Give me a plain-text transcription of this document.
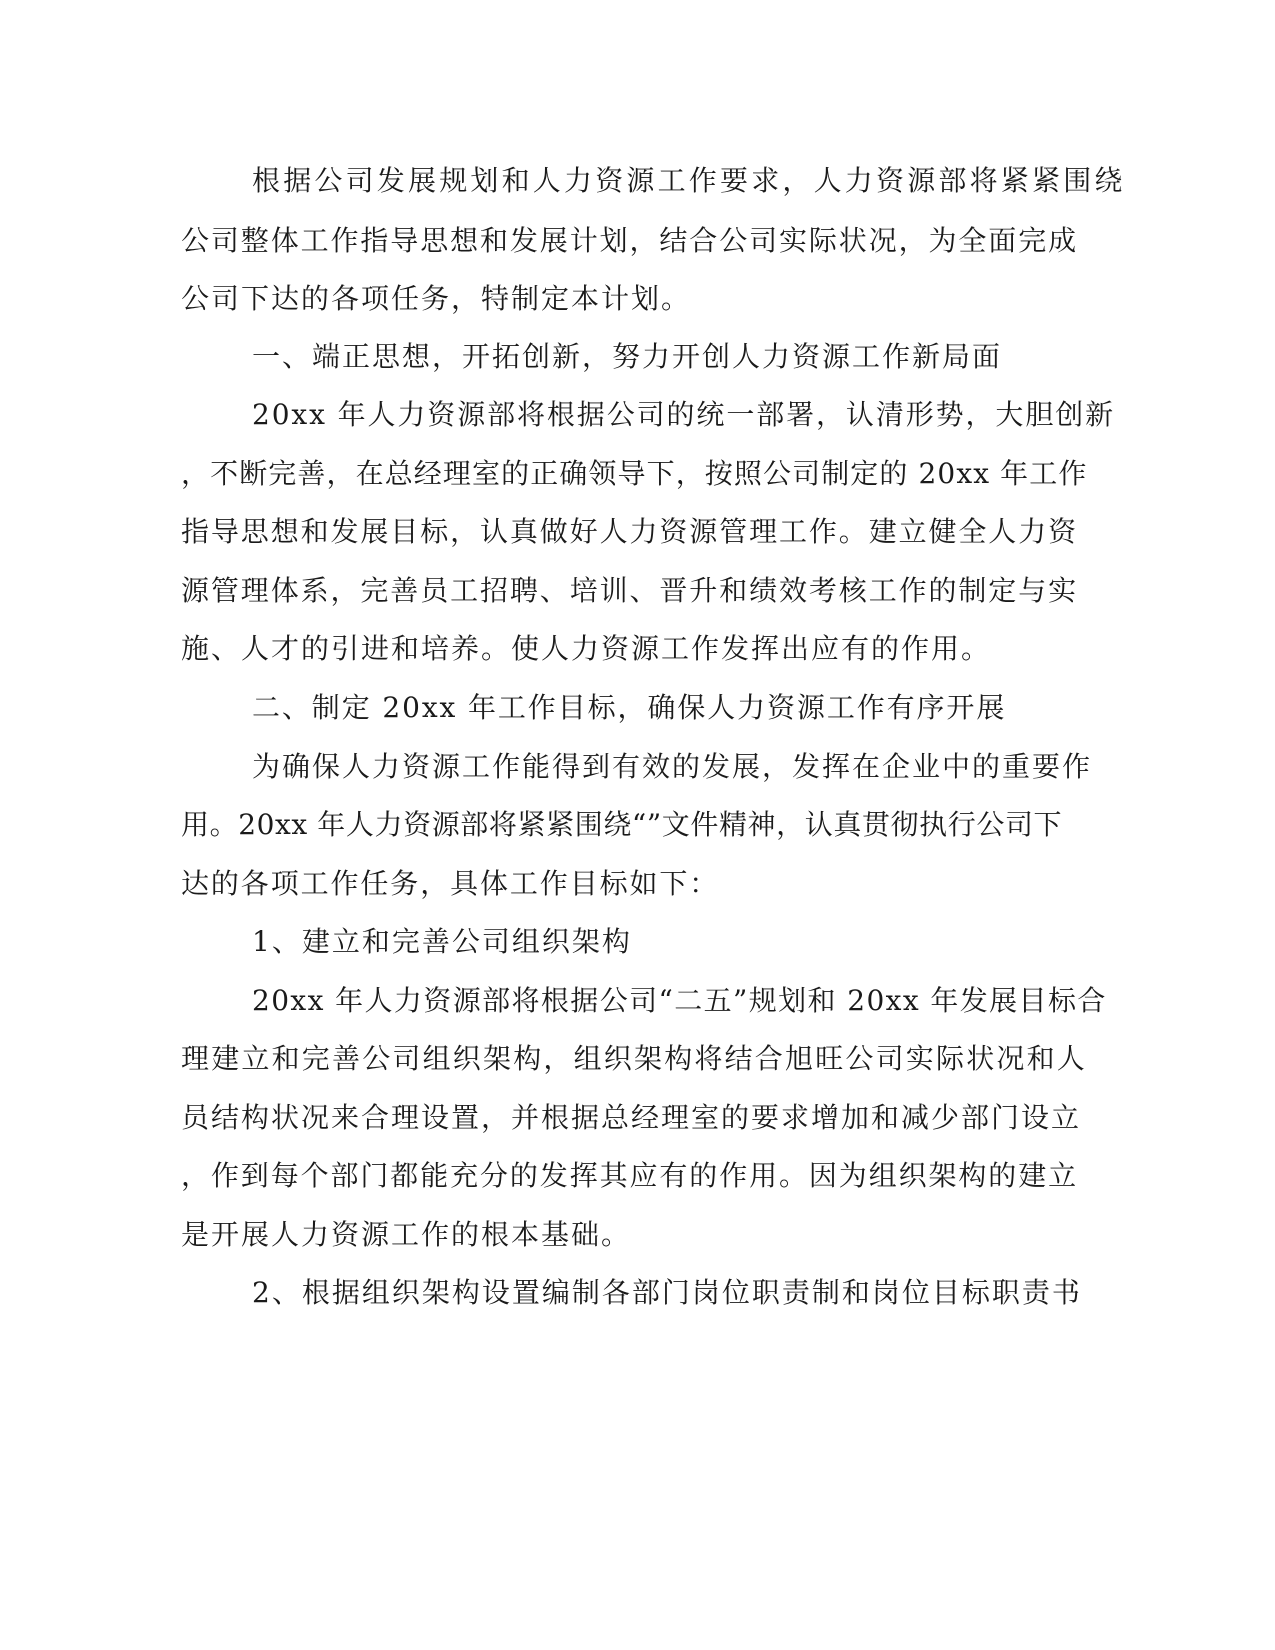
根据公司发展规划和人力资源工作要求，人力资源部将紧紧围绕

公司整体工作指导思想和发展计划，结合公司实际状况，为全面完成

公司下达的各项任务，特制定本计划。

一、端正思想，开拓创新，努力开创人力资源工作新局面

20xx 年人力资源部将根据公司的统一部署，认清形势，大胆创新

，不断完善，在总经理室的正确领导下，按照公司制定的 20xx 年工作

指导思想和发展目标，认真做好人力资源管理工作。建立健全人力资

源管理体系，完善员工招聘、培训、晋升和绩效考核工作的制定与实

施、人才的引进和培养。使人力资源工作发挥出应有的作用。

二、制定 20xx 年工作目标，确保人力资源工作有序开展

为确保人力资源工作能得到有效的发展，发挥在企业中的重要作

用。20xx 年人力资源部将紧紧围绕“”文件精神，认真贯彻执行公司下

达的各项工作任务，具体工作目标如下：

1、建立和完善公司组织架构

20xx 年人力资源部将根据公司“二五”规划和 20xx 年发展目标合

理建立和完善公司组织架构，组织架构将结合旭旺公司实际状况和人

员结构状况来合理设置，并根据总经理室的要求增加和减少部门设立

，作到每个部门都能充分的发挥其应有的作用。因为组织架构的建立

是开展人力资源工作的根本基础。

2、根据组织架构设置编制各部门岗位职责制和岗位目标职责书
